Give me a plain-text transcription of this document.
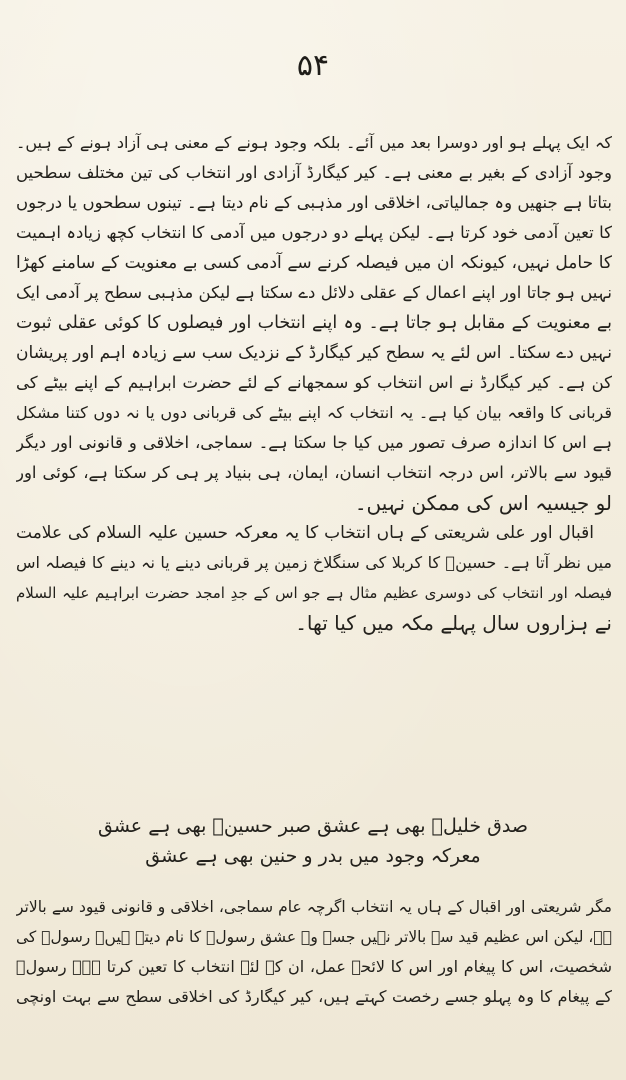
۵۴
کہ ایک پہلے ہو اور دوسرا بعد میں آئے۔ بلکہ وجود ہونے کے معنی ہی آزاد ہونے کے ہیں۔
وجود آزادی کے بغیر بے معنی ہے۔ کیر کیگارڈ آزادی اور انتخاب کی تین مختلف سطحیں
بتاتا ہے جنھیں وہ جمالیاتی، اخلاقی اور مذہبی کے نام دیتا ہے۔ تینوں سطحوں یا درجوں
کا تعین آدمی خود کرتا ہے۔ لیکن پہلے دو درجوں میں آدمی کا انتخاب کچھ زیادہ اہمیت
کا حامل نہیں، کیونکہ ان میں فیصلہ کرنے سے آدمی کسی بے معنویت کے سامنے کھڑا
نہیں ہو جاتا اور اپنے اعمال کے عقلی دلائل دے سکتا ہے لیکن مذہبی سطح پر آدمی ایک
بے معنویت کے مقابل ہو جاتا ہے۔ وہ اپنے انتخاب اور فیصلوں کا کوئی عقلی ثبوت
نہیں دے سکتا۔ اس لئے یہ سطح کیر کیگارڈ کے نزدیک سب سے زیادہ اہم اور پریشان
کن ہے۔ کیر کیگارڈ نے اس انتخاب کو سمجھانے کے لئے حضرت ابراہیم کے اپنے بیٹے کی
قربانی کا واقعہ بیان کیا ہے۔ یہ انتخاب کہ اپنے بیٹے کی قربانی دوں یا نہ دوں کتنا مشکل
ہے اس کا اندازہ صرف تصور میں کیا جا سکتا ہے۔ سماجی، اخلاقی و قانونی اور دیگر
قیود سے بالاتر، اس درجہ انتخاب انسان، ایمان، ہی بنیاد پر ہی کر سکتا ہے، کوئی اور
لو جیسیہ اس کی ممکن نہیں۔
اقبال اور علی شریعتی کے ہاں انتخاب کا یہ معرکہ حسین علیہ السلام کی علامت
میں نظر آتا ہے۔ حسینؑ کا کربلا کی سنگلاخ زمین پر قربانی دینے یا نہ دینے کا فیصلہ اس
فیصلہ اور انتخاب کی دوسری عظیم مثال ہے جو اس کے جدِ امجد حضرت ابراہیم علیہ السلام
نے ہزاروں سال پہلے مکہ میں کیا تھا۔
صدق خلیلؑ بھی ہے عشق صبر حسینؑ بھی ہے عشق
معرکہ وجود میں بدر و حنین بھی ہے عشق
مگر شریعتی اور اقبال کے ہاں یہ انتخاب اگرچہ عام سماجی، اخلاقی و قانونی قیود سے بالاتر
ہے، لیکن اس عظیم قید سے بالاتر نہیں جسے وہ عشق رسولؐ کا نام دیتے ہیں۔ رسولؐ کی
شخصیت، اس کا پیغام اور اس کا لائحہ عمل، ان کے لئے انتخاب کا تعین کرتا ہے۔ رسولؐ
کے پیغام کا وہ پہلو جسے رخصت کہتے ہیں، کیر کیگارڈ کی اخلاقی سطح سے بہت اونچی
